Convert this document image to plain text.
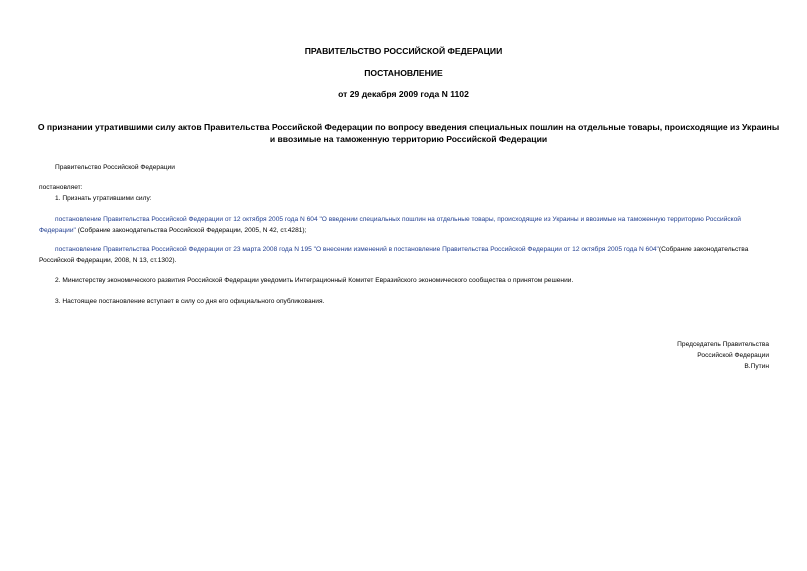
ПРАВИТЕЛЬСТВО РОССИЙСКОЙ ФЕДЕРАЦИИ
ПОСТАНОВЛЕНИЕ
от 29 декабря 2009 года N 1102
О признании утратившими силу актов Правительства Российской Федерации по вопросу введения специальных пошлин на отдельные товары, происходящие из Украины и ввозимые на таможенную территорию Российской Федерации
Правительство Российской Федерации
постановляет:
1. Признать утратившими силу:
постановление Правительства Российской Федерации от 12 октября 2005 года N 604 "О введении специальных пошлин на отдельные товары, происходящие из Украины и ввозимые на таможенную территорию Российской Федерации" (Собрание законодательства Российской Федерации, 2005, N 42, ст.4281);
постановление Правительства Российской Федерации от 23 марта 2008 года N 195 "О внесении изменений в постановление Правительства Российской Федерации от 12 октября 2005 года N 604"(Собрание законодательства Российской Федерации, 2008, N 13, ст.1302).
2. Министерству экономического развития Российской Федерации уведомить Интеграционный Комитет Евразийского экономического сообщества о принятом решении.
3. Настоящее постановление вступает в силу со дня его официального опубликования.
Председатель Правительства
Российской Федерации
В.Путин
